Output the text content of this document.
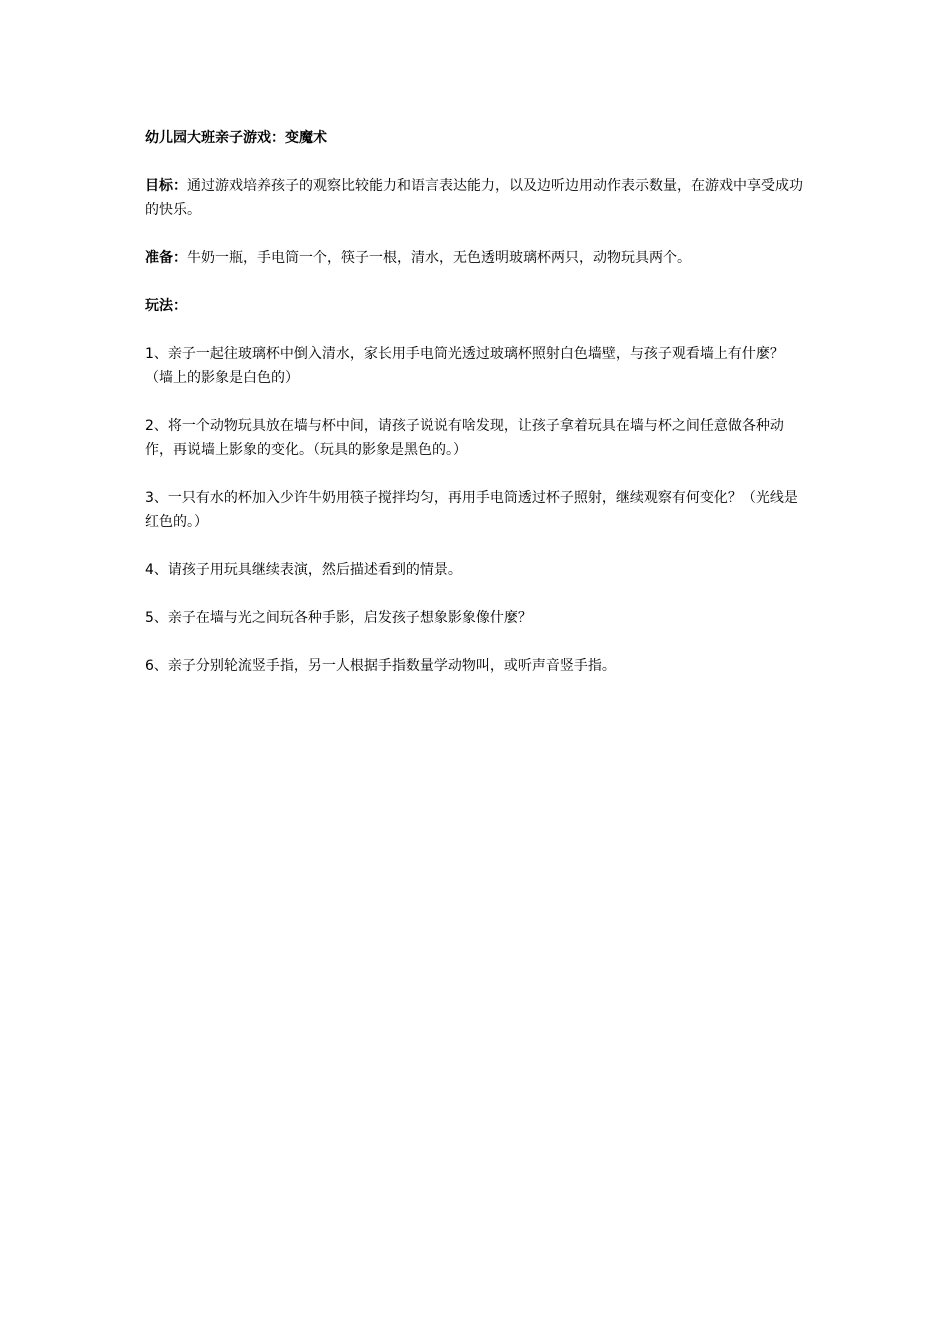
幼儿园大班亲子游戏：变魔术

目标：通过游戏培养孩子的观察比较能力和语言表达能力，以及边听边用动作表示数量，在游戏中享受成功的快乐。

准备：牛奶一瓶，手电筒一个，筷子一根，清水，无色透明玻璃杯两只，动物玩具两个。

玩法：

1、亲子一起往玻璃杯中倒入清水，家长用手电筒光透过玻璃杯照射白色墙壁，与孩子观看墙上有什麼？（墙上的影象是白色的）

2、将一个动物玩具放在墙与杯中间，请孩子说说有啥发现，让孩子拿着玩具在墙与杯之间任意做各种动作，再说墙上影象的变化。（玩具的影象是黑色的。）

3、一只有水的杯加入少许牛奶用筷子搅拌均匀，再用手电筒透过杯子照射，继续观察有何变化？（光线是红色的。）

4、请孩子用玩具继续表演，然后描述看到的情景。

5、亲子在墙与光之间玩各种手影，启发孩子想象影象像什麼？

6、亲子分别轮流竖手指，另一人根据手指数量学动物叫，或听声音竖手指。
